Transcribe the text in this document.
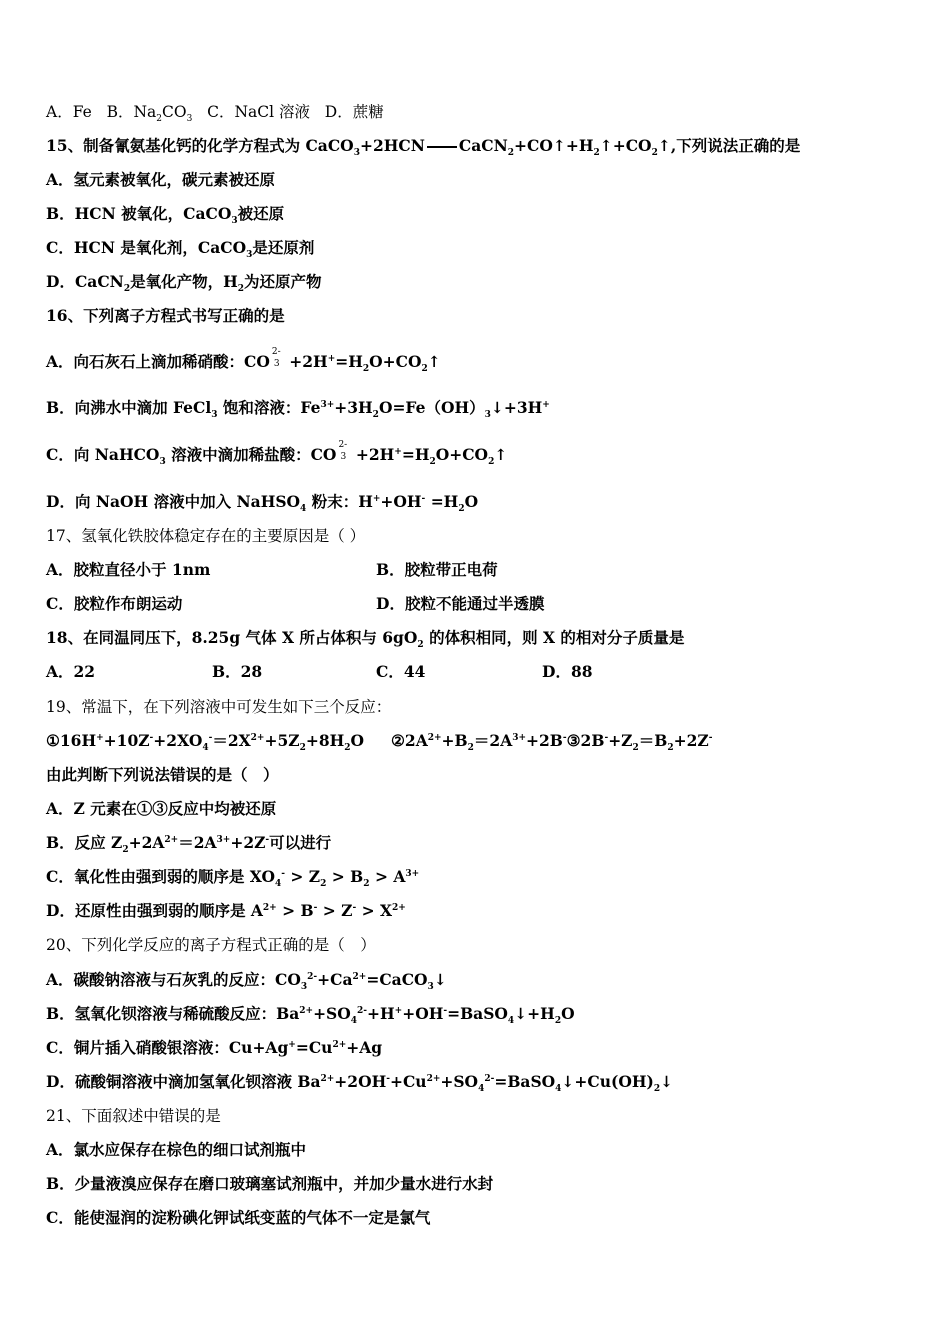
A．Fe B．$Na_2CO_3$ C．NaCl 溶液 D．蔗糖
15、制备氰氨基化钙的化学方程式为 CaCO$_3$+2HCN $CaCN_2+CO↑+H_2↑+CO_2↑$,下列说法正确的是
A．氢元素被氧化，碳元素被还原
B．HCN 被氧化，CaCO$_3$被还原
C．HCN 是氧化剂，CaCO$_3$是还原剂
D．CaCN$_2$是氧化产物，$H_2$为还原产物
16、下列离子方程式书写正确的是
A．向石灰石上滴加稀硝酸：CO 2-
$3 +2H^+=H_2O+CO_2↑$
B．向沸水中滴加 FeCl$_3$ 饱和溶液：$Fe^{3+}+3H_2O=Fe(OH)_3↓+3H^+$
C．向 NaHCO$_3$ 溶液中滴加稀盐酸：CO 2-
$3 +2H^+=H_2O+CO_2↑$
D．向 NaOH 溶液中加入 NaHSO$_4$ 粉末：$H^++OH^- =H_2O$
17、氢氧化铁胶体稳定存在的主要原因是（ ）
A．胶粒直径小于 1nm	B．胶粒带正电荷
C．胶粒作布朗运动	D．胶粒不能通过半透膜
18、在同温同压下，8.25g 气体 X 所占体积与 $6gO_2$ 的体积相同，则 X 的相对分子质量是
A．22	B．28	C．44	D．88
19、常温下，在下列溶液中可发生如下三个反应：
$①16H^++10Z^-+2XO_4^-=2X^{2+}+5Z_2+8H_2O$ $②2A^{2+}+B_2=2A^{3+}+2B^-③2B^-+Z_2=B_2+2Z^-$
由此判断下列说法错误的是（　）
A．Z 元素在①③反应中均被还原
B．反应 $Z_2+2A^{2+}=2A^{3+}+2Z^-$可以进行
C．氧化性由强到弱的顺序是 $XO_4^- > Z_2 > B_2 > A^{3+}$
D．还原性由强到弱的顺序是 $A^{2+} > B^- > Z^- > X^{2+}$
20、下列化学反应的离子方程式正确的是（　）
A．碳酸钠溶液与石灰乳的反应：$CO_3^{2-}+Ca^{2+}=CaCO_3↓$
B．氢氧化钡溶液与稀硫酸反应：$Ba^{2+}+SO_4^{2-}+H^++OH^-=BaSO_4↓+H_2O$
C．铜片插入硝酸银溶液：$Cu+Ag^+=Cu^{2+}+Ag$
D．硫酸铜溶液中滴加氢氧化钡溶液 $Ba^{2+}+2OH^-+Cu^{2+}+SO_4^{2-}=BaSO_4↓+Cu(OH)_2↓$
21、下面叙述中错误的是
A．氯水应保存在棕色的细口试剂瓶中
B．少量液溴应保存在磨口玻璃塞试剂瓶中，并加少量水进行水封
C．能使湿润的淀粉碘化钾试纸变蓝的气体不一定是氯气
